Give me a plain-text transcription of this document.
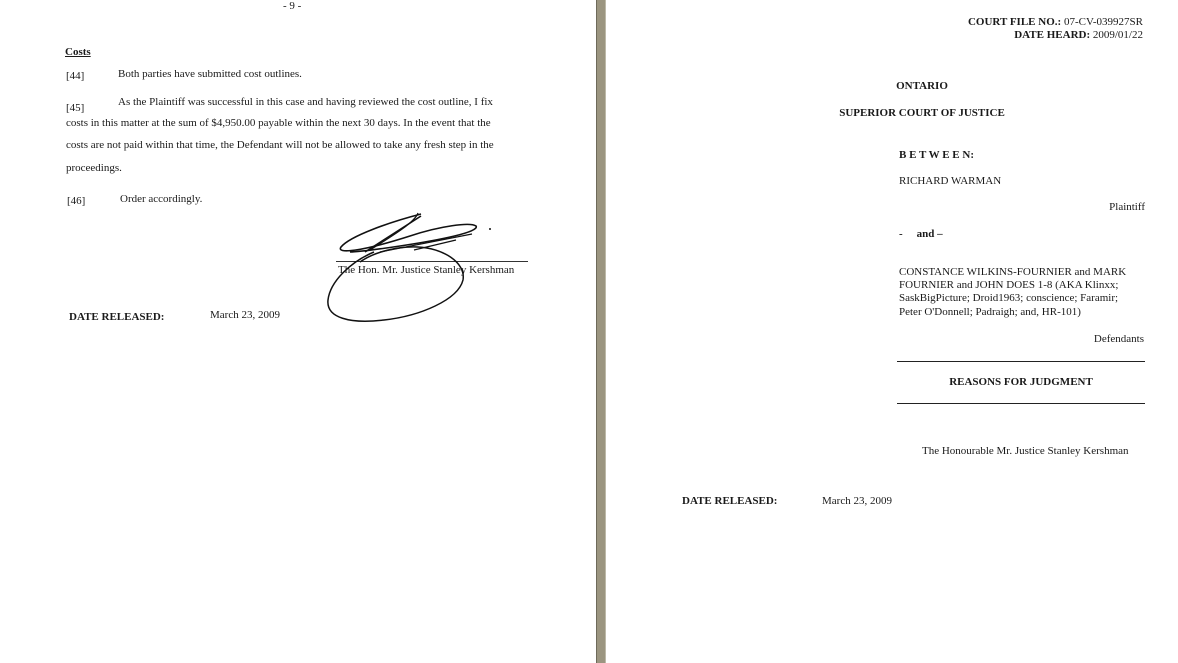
- 9 -
Costs
[44]	Both parties have submitted cost outlines.
[45]	As the Plaintiff was successful in this case and having reviewed the cost outline, I fix
costs in this matter at the sum of $4,950.00 payable within the next 30 days. In the event that the
costs are not paid within that time, the Defendant will not be allowed to take any fresh step in the
proceedings.
[46]	Order accordingly.
The Hon. Mr. Justice Stanley Kershman
DATE RELEASED:	March 23, 2009
COURT FILE NO.: 07-CV-039927SR
DATE HEARD: 2009/01/22
ONTARIO
SUPERIOR COURT OF JUSTICE
B E T W E E N:
RICHARD WARMAN
Plaintiff
- and –
CONSTANCE WILKINS-FOURNIER and MARK
FOURNIER and JOHN DOES 1-8 (AKA Klinxx;
SaskBigPicture; Droid1963; conscience; Faramir;
Peter O'Donnell; Padraigh; and, HR-101)
Defendants
REASONS FOR JUDGMENT
The Honourable Mr. Justice Stanley Kershman
DATE RELEASED:	March 23, 2009
